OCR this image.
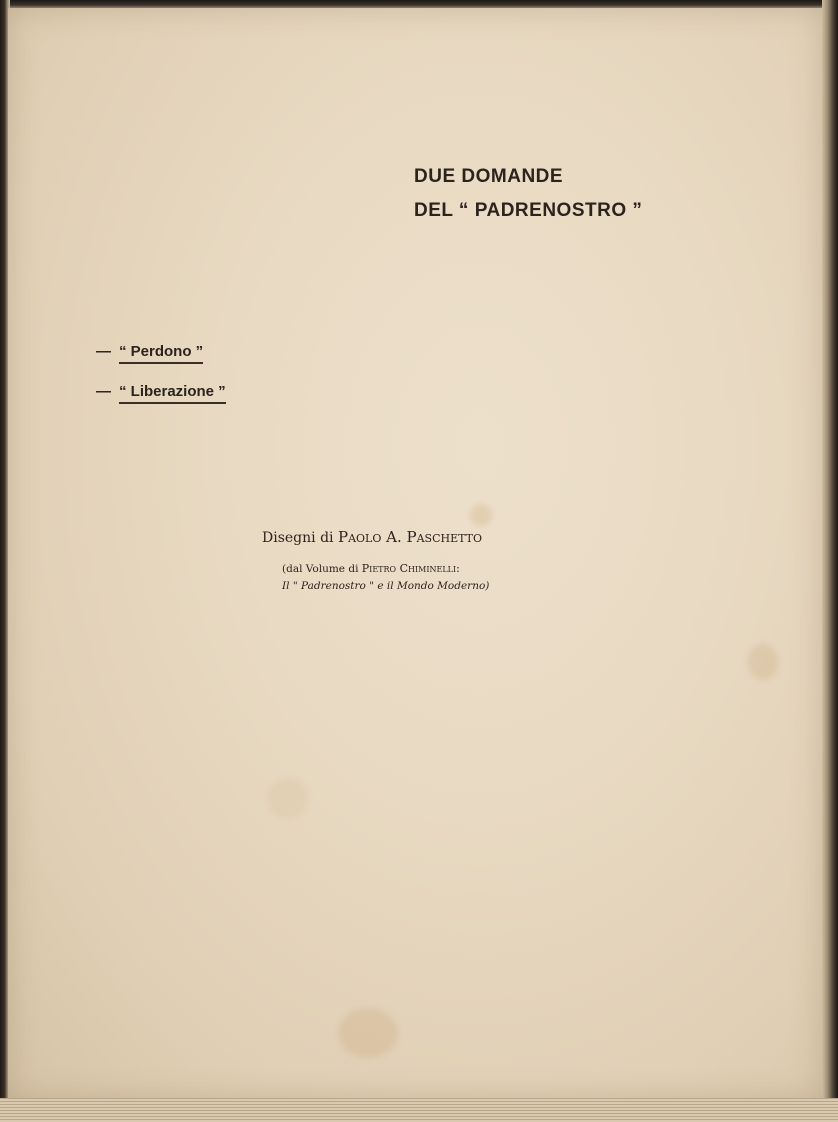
DUE DOMANDE
DEL “ PADRENOSTRO ”
— “ Perdono ”
— “ Liberazione ”
Disegni di Paolo A. Paschetto
(dal Volume di Pietro Chiminelli:
Il " Padrenostro " e il Mondo Moderno)
